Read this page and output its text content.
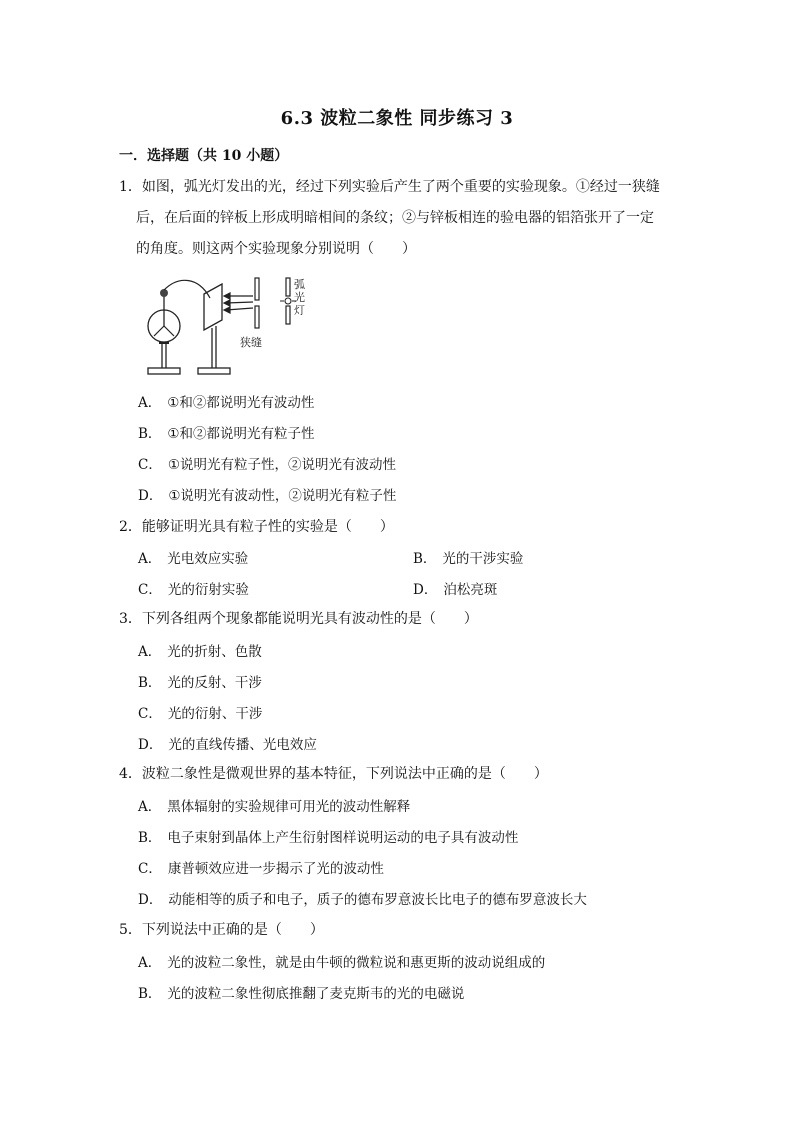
6.3 波粒二象性 同步练习 3
一．选择题（共 10 小题）
1．如图，弧光灯发出的光，经过下列实验后产生了两个重要的实验现象。①经过一狭缝
后，在后面的锌板上形成明暗相间的条纹；②与锌板相连的验电器的铝箔张开了一定
的角度。则这两个实验现象分别说明（　　）
狭缝
弧
光
灯
A． ①和②都说明光有波动性
B． ①和②都说明光有粒子性
C． ①说明光有粒子性，②说明光有波动性
D． ①说明光有波动性，②说明光有粒子性
2．能够证明光具有粒子性的实验是（　　）
A． 光电效应实验	B． 光的干涉实验
C． 光的衍射实验	D． 泊松亮斑
3．下列各组两个现象都能说明光具有波动性的是（　　）
A． 光的折射、色散
B． 光的反射、干涉
C． 光的衍射、干涉
D． 光的直线传播、光电效应
4．波粒二象性是微观世界的基本特征，下列说法中正确的是（　　）
A． 黑体辐射的实验规律可用光的波动性解释
B． 电子束射到晶体上产生衍射图样说明运动的电子具有波动性
C． 康普顿效应进一步揭示了光的波动性
D． 动能相等的质子和电子，质子的德布罗意波长比电子的德布罗意波长大
5．下列说法中正确的是（　　）
A． 光的波粒二象性，就是由牛顿的微粒说和惠更斯的波动说组成的
B． 光的波粒二象性彻底推翻了麦克斯韦的光的电磁说
